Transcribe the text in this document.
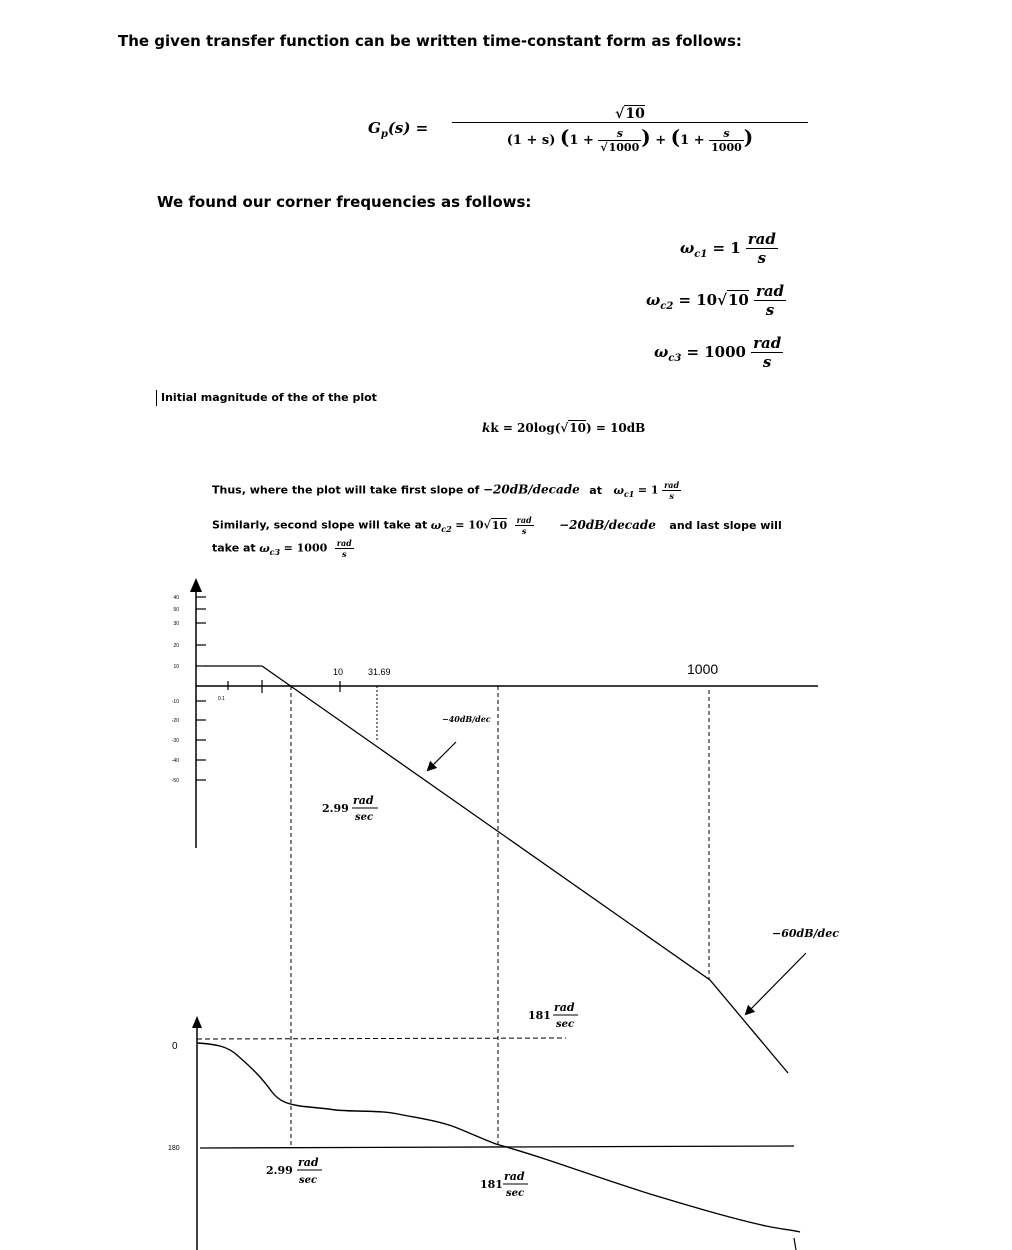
The given transfer function can be written time-constant form as follows:
$G_p(s)$ =
√10
(1 + s) ($1 + \frac{s}{√1000}$ ) + ($1 + \frac{s}{1000}$ )
We found our corner frequencies as follows:
$\omega_{c1} = 1 \frac{\text{rad}}{s}$
$\omega_{c2} = 10√10 \frac{\text{rad}}{s}$
$\omega_{c3} = 1000 \frac{\text{rad}}{s}$
Initial magnitude of the of the plot
kk = 20log(√10) = 10dB
Thus, where the plot will take first slope of −20dB/decade at $\omega_{c1} = 1 \frac{\text{rad}}{s}$
Similarly, second slope will take at $\omega_{c2} = 10√10 \frac{\text{rad}}{s}$ −20dB/decade and last slope will
take at $\omega_{c3} = 1000 \frac{\text{rad}}{s}$
40
50
30
20
10
-10
-20
-30
-40
-50
0.1
10	31.69	1000
−40dB/dec
−60dB/dec
2.99
rad
sec
0
180
181
rad
sec
2.99
rad
sec	181
rad
sec
